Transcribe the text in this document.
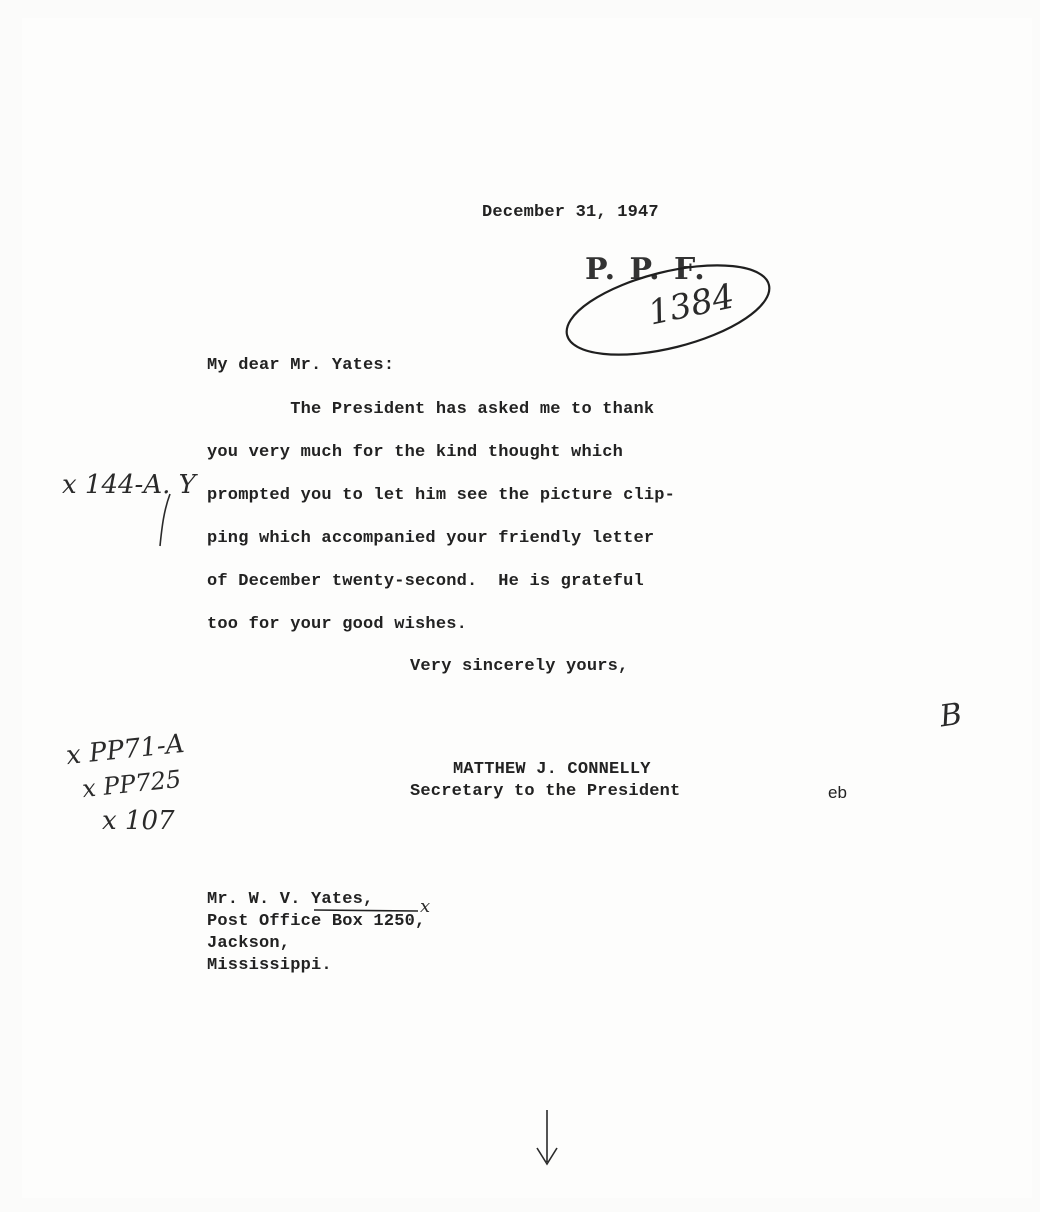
December 31, 1947
P. P. F.
1384
My dear Mr. Yates:
The President has asked me to thank
you very much for the kind thought which
prompted you to let him see the picture clip-
ping which accompanied your friendly letter
of December twenty-second.  He is grateful
too for your good wishes.
Very sincerely yours,
MATTHEW J. CONNELLY
Secretary to the President	eb
Mr. W. V. Yates,
Post Office Box 1250,
Jackson,
Mississippi.
x
x 144-A. Y
x PP71-A
x PP725
x 107
B
